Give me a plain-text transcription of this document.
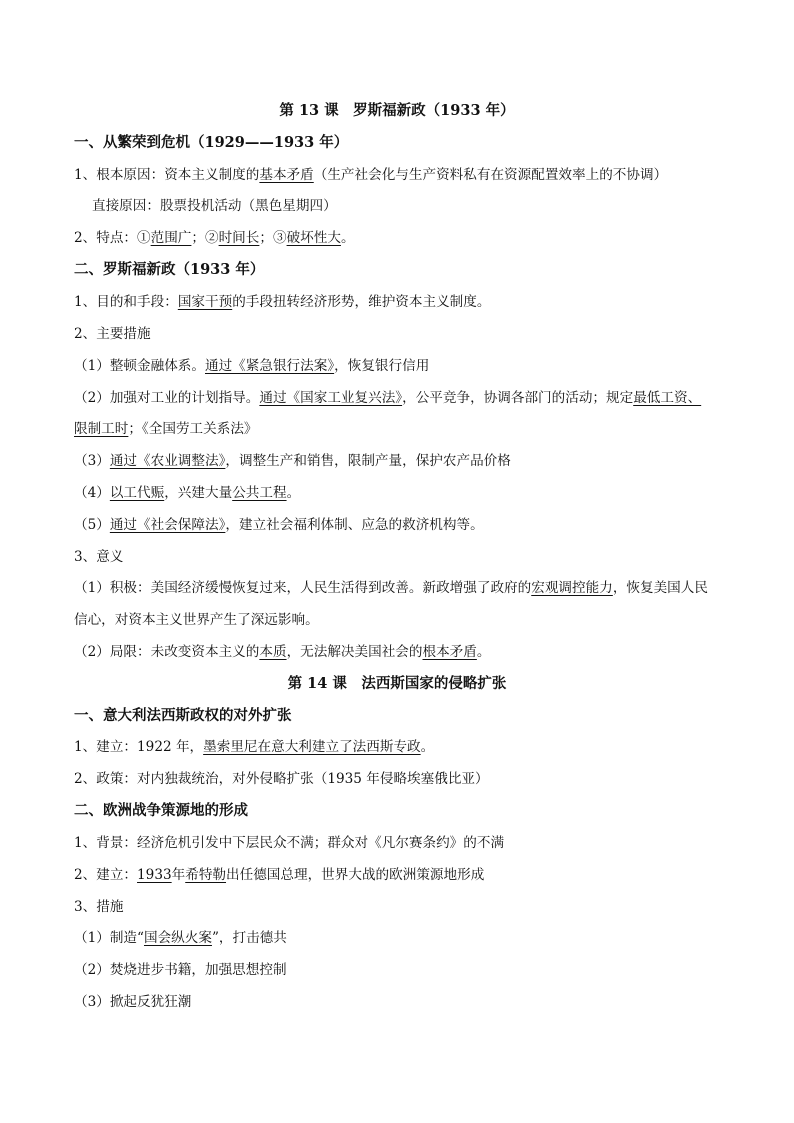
第 13 课　罗斯福新政（1933 年）
一、从繁荣到危机（1929——1933 年）
1、根本原因：资本主义制度的基本矛盾（生产社会化与生产资料私有在资源配置效率上的不协调）
直接原因：股票投机活动（黑色星期四）
2、特点：①范围广；②时间长；③破坏性大。
二、罗斯福新政（1933 年）
1、目的和手段：国家干预的手段扭转经济形势，维护资本主义制度。
2、主要措施
（1）整顿金融体系。通过《紧急银行法案》，恢复银行信用
（2）加强对工业的计划指导。通过《国家工业复兴法》，公平竞争，协调各部门的活动；规定最低工资、
限制工时；《全国劳工关系法》
（3）通过《农业调整法》，调整生产和销售，限制产量，保护农产品价格
（4）以工代赈，兴建大量公共工程。
（5）通过《社会保障法》，建立社会福利体制、应急的救济机构等。
3、意义
（1）积极：美国经济缓慢恢复过来，人民生活得到改善。新政增强了政府的宏观调控能力，恢复美国人民
信心，对资本主义世界产生了深远影响。
（2）局限：未改变资本主义的本质，无法解决美国社会的根本矛盾。
第 14 课　法西斯国家的侵略扩张
一、意大利法西斯政权的对外扩张
1、建立：1922 年，墨索里尼在意大利建立了法西斯专政。
2、政策：对内独裁统治，对外侵略扩张（1935 年侵略埃塞俄比亚）
二、欧洲战争策源地的形成
1、背景：经济危机引发中下层民众不满；群众对《凡尔赛条约》的不满
2、建立：1933年希特勒出任德国总理，世界大战的欧洲策源地形成
3、措施
（1）制造“国会纵火案”，打击德共
（2）焚烧进步书籍，加强思想控制
（3）掀起反犹狂潮
